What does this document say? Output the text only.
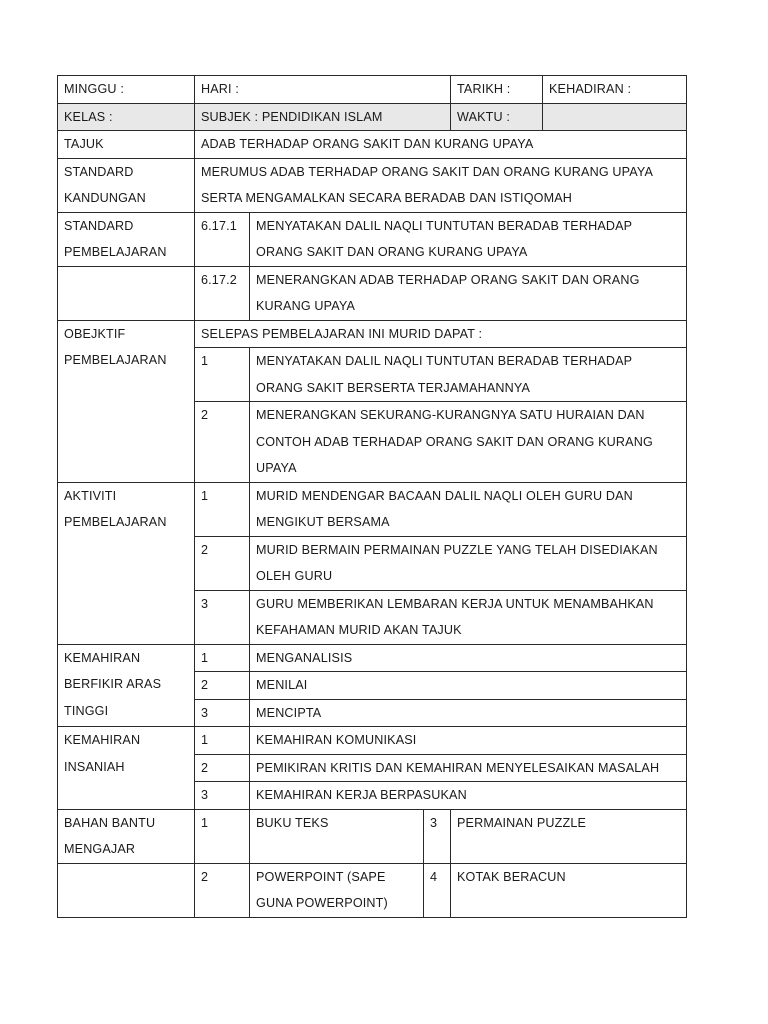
MINGGU :	HARI :			TARIKH :	KEHADIRAN :
KELAS :	SUBJEK : PENDIDIKAN ISLAM			WAKTU :	
TAJUK	ADAB TERHADAP ORANG SAKIT DAN KURANG UPAYA				

STANDARD
KANDUNGAN	MERUMUS ADAB TERHADAP ORANG SAKIT DAN ORANG KURANG UPAYA
SERTA MENGAMALKAN SECARA BERADAB DAN ISTIQOMAH				

STANDARD
PEMBELAJARAN	6.17.1	MENYATAKAN DALIL NAQLI TUNTUTAN BERADAB TERHADAP
ORANG SAKIT DAN ORANG KURANG UPAYA			

	6.17.2	MENERANGKAN ADAB TERHADAP ORANG SAKIT DAN ORANG
KURANG UPAYA			

OBEJKTIF
PEMBELAJARAN	SELEPAS PEMBELAJARAN INI MURID DAPAT :				
	1	MENYATAKAN DALIL NAQLI TUNTUTAN BERADAB TERHADAP
ORANG SAKIT BERSERTA TERJAMAHANNYA			

	2	MENERANGKAN SEKURANG-KURANGNYA SATU HURAIAN DAN
CONTOH ADAB TERHADAP ORANG SAKIT DAN ORANG KURANG
UPAYA			

AKTIVITI
PEMBELAJARAN	1	MURID MENDENGAR BACAAN DALIL NAQLI OLEH GURU DAN
MENGIKUT BERSAMA			

	2	MURID BERMAIN PERMAINAN PUZZLE YANG TELAH DISEDIAKAN
OLEH GURU			

	3	GURU MEMBERIKAN LEMBARAN KERJA UNTUK MENAMBAHKAN
KEFAHAMAN MURID AKAN TAJUK			

KEMAHIRAN
BERFIKIR ARAS
TINGGI	1	MENGANALISIS			
	2	MENILAI			
	3	MENCIPTA			

KEMAHIRAN
INSANIAH	1	KEMAHIRAN KOMUNIKASI			
	2	PEMIKIRAN KRITIS DAN KEMAHIRAN MENYELESAIKAN MASALAH			
	3	KEMAHIRAN KERJA BERPASUKAN			

BAHAN BANTU
MENGAJAR	1	BUKU TEKS	3	PERMAINAN PUZZLE	

	2	POWERPOINT (SAPE
GUNA POWERPOINT)	4	KOTAK BERACUN	
